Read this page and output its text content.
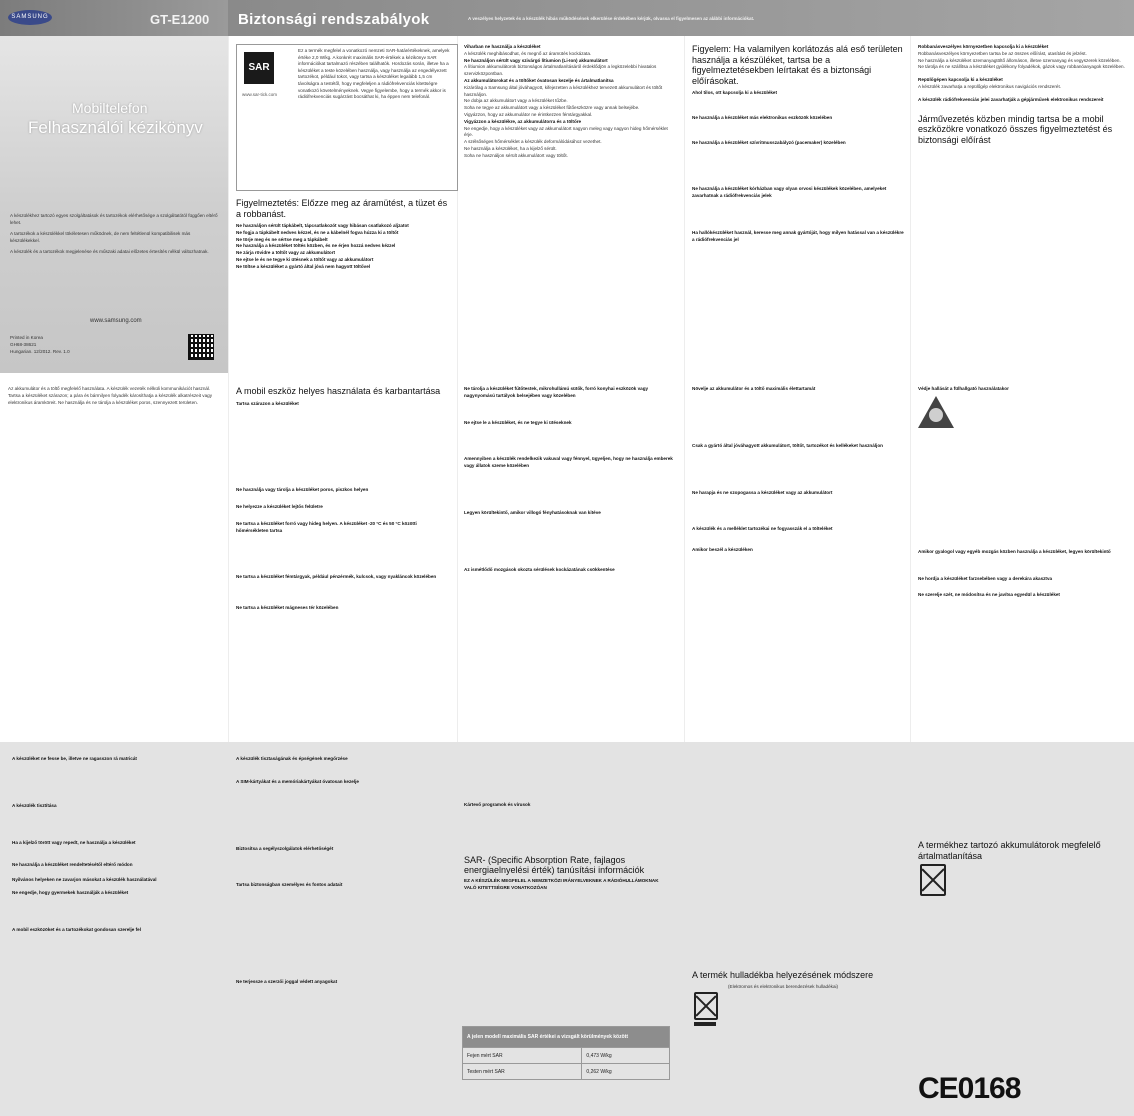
SAMSUNG	GT-E1200
Mobiltelefon
Felhasználói kézikönyv
A készülékhez tartozó egyes szolgáltatások és tartozékok elérhetősége a szolgáltatótól függően eltérő lehet.
A tartozékok a készülékkel tökéletesen működnek, de nem feltétlenül kompatibilisek más készülékekkel.
A készülék és a tartozékok megjelenése és műszaki adatai előzetes értesítés nélkül változhatnak.
www.samsung.com
Printed in Korea
GH68-38621
Hungarian. 12/2012. Rev. 1.0
Biztonsági rendszabályok	A veszélyes helyzetek és a készülék hibás működésének elkerülése érdekében kérjük, olvassa el figyelmesen az alábbi információkat.
SAR
www.sar-tick.com
Ez a termék megfelel a vonatkozó nemzeti SAR-határértékeknek, amelyek értéke 2,0 W/kg. A konkrét maximális SAR-értékek a kézikönyv SAR információkat tartalmazó részében találhatók. Hordozás során, illetve ha a készüléket a teste közelében használja, vagy használja az engedélyezett tartozékot, például tokot, vagy tartsa a készüléket legalább 1,5 cm távolságra a testétől, hogy megfeleljen a rádiófrekvenciás kitettségre vonatkozó követelményeknek. Vegye figyelembe, hogy a termék akkor is rádiófrekvenciás sugárzást bocsáthat ki, ha éppen nem telefonál.
Figyelmeztetés: Előzze meg az áramütést, a tüzet és a robbanást.
Ne használjon sérült tápkábelt, tápcsatlakozót vagy hibásan csatlakozó aljzatot
Ne fogja a tápkábelt nedves kézzel, és ne a kábelnél fogva húzza ki a töltőt
Ne törje meg és ne sértse meg a tápkábelt
Ne használja a készüléket töltés közben, és ne érjen hozzá nedves kézzel
Ne zárja rövidre a töltőt vagy az akkumulátort
Ne ejtse le és ne tegye ki ütésnek a töltőt vagy az akkumulátort
Ne töltse a készüléket a gyártó által jóvá nem hagyott töltővel
Viharban ne használja a készüléket
A készülék meghibásodhat, és megnő az áramütés kockázata.
Ne használjon sérült vagy szivárgó lítiumion (Li-Ion) akkumulátort
A lítiumion akkumulátorok biztonságos ártalmatlanításáról érdeklődjön a legközelebbi hivatalos szervizközpontban.
Az akkumulátorokat és a töltőket óvatosan kezelje és ártalmatlanítsa
Kizárólag a Samsung által jóváhagyott, kifejezetten a készülékhez tervezett akkumulátort és töltőt használjon.
Ne dobja az akkumulátort vagy a készüléket tűzbe.
Soha ne tegye az akkumulátort vagy a készüléket fűtőeszközre vagy annak belsejébe.
Vigyázzon, hogy az akkumulátor ne érintkezzen fémtárgyakkal.
Vigyázzon a készülékre, az akkumulátorra és a töltőre
Ne engedje, hogy a készüléket vagy az akkumulátort nagyon meleg vagy nagyon hideg hőmérséklet érje.
A szélsőséges hőmérséklet a készülék deformálódásához vezethet.
Ne használja a készüléket, ha a kijelző sérült.
Soha ne használjon sérült akkumulátort vagy töltőt.
Figyelem: Ha valamilyen korlátozás alá eső területen használja a készüléket, tartsa be a figyelmeztetésekben leírtakat és a biztonsági előírásokat.
Ahol tilos, ott kapcsolja ki a készüléket
Ne használja a készüléket más elektronikus eszközök közelében
Ne használja a készüléket szívritmusszabályzó (pacemaker) közelében
Ne használja a készüléket kórházban vagy olyan orvosi készülékek közelében, amelyeket zavarhatnak a rádiófrekvenciás jelek
Ha hallókészüléket használ, keresse meg annak gyártóját, hogy milyen hatással van a készülékre a rádiófrekvenciás jel
Robbanásveszélyes környezetben kapcsolja ki a készüléket
Robbanásveszélyes környezetben tartsa be az összes előírást, utasítást és jelzést.
Ne használja a készüléket üzemanyagtöltő állomáson, illetve üzemanyag és vegyszerek közelében.
Ne tárolja és ne szállítsa a készüléket gyúlékony folyadékok, gázok vagy robbanóanyagok közelében.
Repülőgépen kapcsolja ki a készüléket
A készülék zavarhatja a repülőgép elektronikus navigációs rendszerét.
A készülék rádiófrekvenciás jelei zavarhatják a gépjárművek elektronikus rendszereit
Járművezetés közben mindig tartsa be a mobil eszközökre vonatkozó összes figyelmeztetést és biztonsági előírást
Az akkumulátor és a töltő megfelelő használata. A készülék vezeték nélküli kommunikációt használ. Tartsa a készüléket szárazon; a pára és bármilyen folyadék károsíthatja a készülék alkatrészeit vagy elektronikus áramköreit. Ne használja és ne tárolja a készüléket poros, szennyezett területen.
A mobil eszköz helyes használata és karbantartása
Tartsa szárazon a készüléket
Ne használja vagy tárolja a készüléket poros, piszkos helyen
Ne helyezze a készüléket lejtős felületre
Ne tartsa a készüléket forró vagy hideg helyen. A készüléket -20 °C és 50 °C közötti hőmérsékleten tartsa
Ne tartsa a készüléket fémtárgyak, például pénzérmék, kulcsok, vagy nyakláncok közelében
Ne tartsa a készüléket mágneses tér közelében
Ne tárolja a készüléket fűtőtestek, mikrohullámú sütők, forró konyhai eszközök vagy nagynyomású tartályok belsejében vagy közelében
Ne ejtse le a készüléket, és ne tegye ki ütéseknek
Amennyiben a készülék rendelkezik vakuval vagy fénnyel, ügyeljen, hogy ne használja emberek vagy állatok szeme közelében
Legyen körültekintő, amikor villogó fényhatásoknak van kitéve
Az ismétlődő mozgások okozta sérülések kockázatának csökkentése
Növelje az akkumulátor és a töltő maximális élettartamát
Csak a gyártó által jóváhagyott akkumulátort, töltőt, tartozékot és kellékeket használjon
Ne harapja és ne szopogassa a készüléket vagy az akkumulátort
A készülék és a melléklet tartozékai ne fogyasszák el a tölteléket
Amikor beszél a készüléken
Védje hallását a fülhallgató használatakor
Amikor gyalogol vagy egyéb mozgás közben használja a készüléket, legyen körültekintő
Ne hordja a készüléket farzsebében vagy a derekára akasztva
Ne szerelje szét, ne módosítsa és ne javítsa egyedül a készüléket
A készüléket ne fesse be, illetve ne ragasszon rá matricát
A készülék tisztítása
Ha a kijelző törött vagy repedt, ne használja a készüléket
Ne használja a készüléket rendeltetésétől eltérő módon
Nyilvános helyeken ne zavarjon másokat a készülék használatával
Ne engedje, hogy gyermekek használják a készüléket
A mobil eszközöket és a tartozékokat gondosan szerelje fel
A készülék tisztaságának és épségének megőrzése
A SIM-kártyákat és a memóriakártyákat óvatosan kezelje
Biztosítsa a segélyszolgálatok elérhetőségét
Tartsa biztonságban személyes és fontos adatait
Ne terjessze a szerzői joggal védett anyagokat
Kártevő programok és vírusok
SAR- (Specific Absorption Rate, fajlagos energiaelnyelési érték) tanúsítási információk
EZ A KÉSZÜLÉK MEGFELEL A NEMZETKÖZI IRÁNYELVEKNEK A RÁDIÓHULLÁMOKNAK VALÓ KITETTSÉGRE VONATKOZÓAN
A jelen modell maximális SAR értékei a vizsgált körülmények között	
Fejen mért SAR	0,473 W/kg
Testen mért SAR	0,262 W/kg
A termék hulladékba helyezésének módszere
(Elektromos és elektronikus berendezések hulladékai)
A termékhez tartozó akkumulátorok megfelelő ártalmatlanítása
CE0168
